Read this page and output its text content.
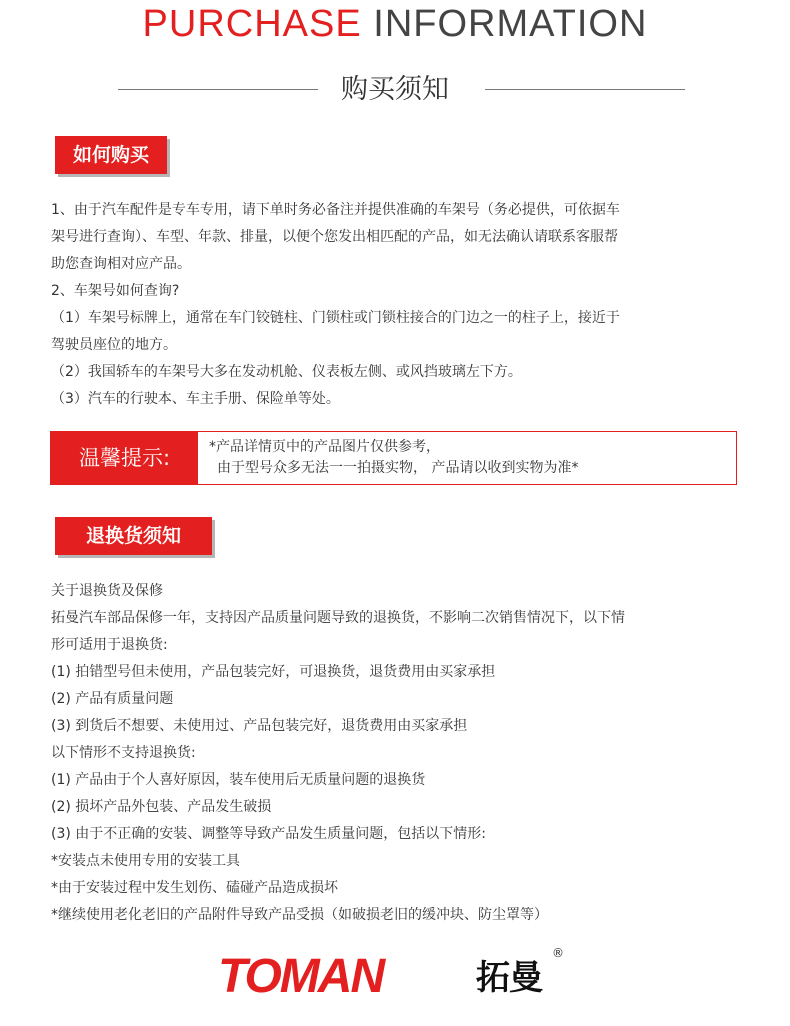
PURCHASE INFORMATION
购买须知
如何购买

1、由于汽车配件是专车专用，请下单时务必备注并提供准确的车架号（务必提供，可依据车

架号进行查询）、车型、年款、排量，以便个您发出相匹配的产品，如无法确认请联系客服帮

助您查询相对应产品。

2、车架号如何查询?

（1）车架号标牌上，通常在车门铰链柱、门锁柱或门锁柱接合的门边之一的柱子上，接近于

驾驶员座位的地方。

（2）我国轿车的车架号大多在发动机舱、仪表板左侧、或风挡玻璃左下方。

（3）汽车的行驶本、车主手册、保险单等处。

温馨提示:	*产品详情页中的产品图片仅供参考，

由于型号众多无法一一拍摄实物， 产品请以收到实物为准*

退换货须知

关于退换货及保修

拓曼汽车部品保修一年，支持因产品质量问题导致的退换货，不影响二次销售情况下，以下情

形可适用于退换货:

(1) 拍错型号但未使用，产品包装完好，可退换货，退货费用由买家承担

(2) 产品有质量问题

(3) 到货后不想要、未使用过、产品包装完好，退货费用由买家承担

以下情形不支持退换货:

(1) 产品由于个人喜好原因，装车使用后无质量问题的退换货

(2) 损坏产品外包装、产品发生破损

(3) 由于不正确的安装、调整等导致产品发生质量问题，包括以下情形:

*安装点未使用专用的安装工具

*由于安装过程中发生划伤、磕碰产品造成损坏

*继续使用老化老旧的产品附件导致产品受损（如破损老旧的缓冲块、防尘罩等）

TOMAN	拓曼
®
